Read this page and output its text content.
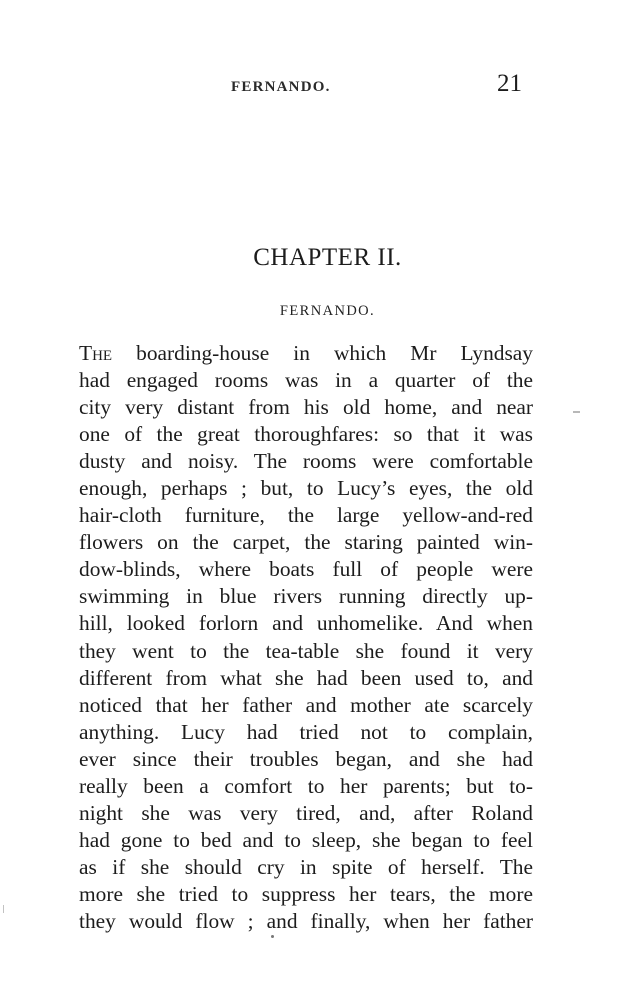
FERNANDO.	21
CHAPTER II.
FERNANDO.
The boarding-house in which Mr Lyndsay
had engaged rooms was in a quarter of the
city very distant from his old home, and near
one of the great thoroughfares: so that it was
dusty and noisy. The rooms were comfortable
enough, perhaps ; but, to Lucy’s eyes, the old
hair-cloth furniture, the large yellow-and-red
flowers on the carpet, the staring painted win-
dow-blinds, where boats full of people were
swimming in blue rivers running directly up-
hill, looked forlorn and unhomelike. And when
they went to the tea-table she found it very
different from what she had been used to, and
noticed that her father and mother ate scarcely
anything. Lucy had tried not to complain,
ever since their troubles began, and she had
really been a comfort to her parents; but to-
night she was very tired, and, after Roland
had gone to bed and to sleep, she began to feel
as if she should cry in spite of herself. The
more she tried to suppress her tears, the more
they would flow ; and finally, when her father
